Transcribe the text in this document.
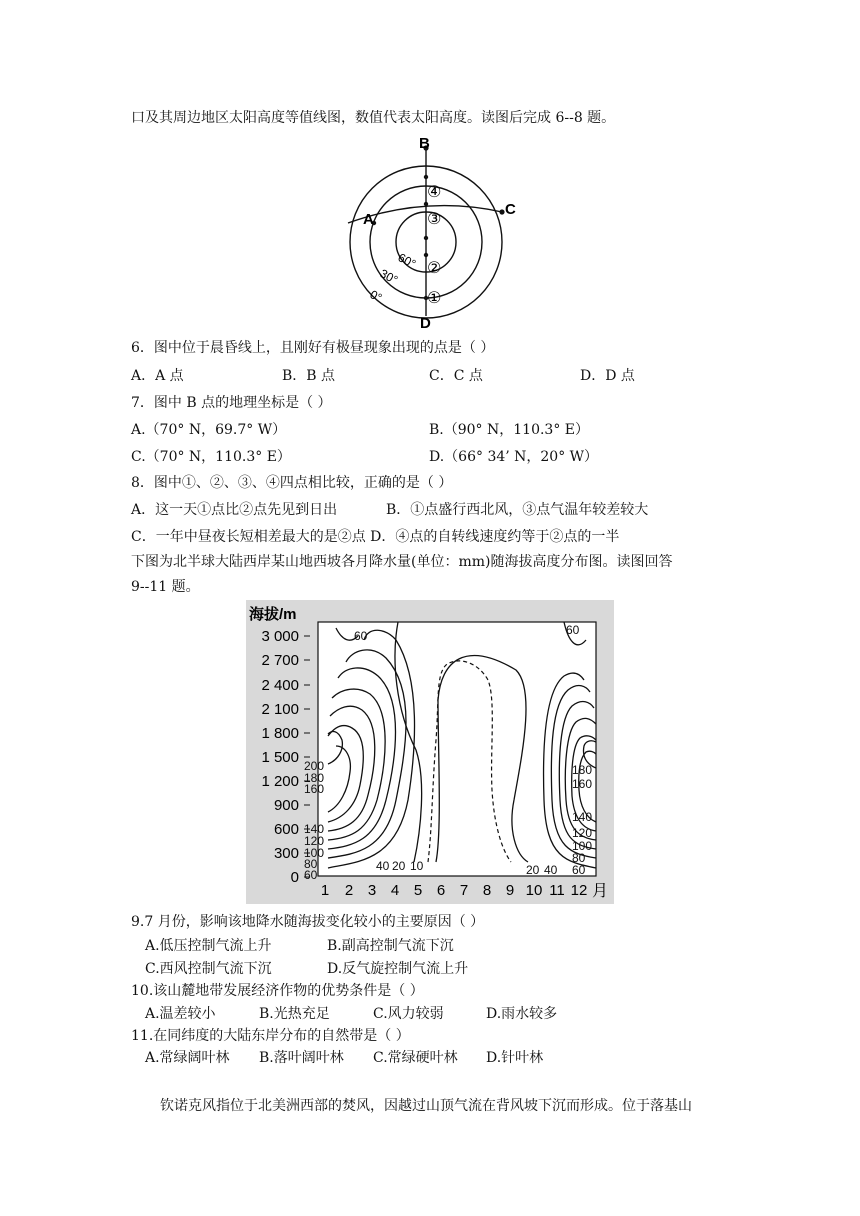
口及其周边地区太阳高度等值线图，数值代表太阳高度。读图后完成 6--8 题。
B
C
A
D
④
③
②
①
60°
30°
0°
6．图中位于晨昏线上，且刚好有极昼现象出现的点是（ ）
A．A 点	B．B 点	C．C 点	D．D 点
7．图中 B 点的地理坐标是（ ）
A.（70° N，69.7° W）	B.（90° N，110.3° E）
C.（70° N，110.3° E）	D.（66° 34’ N，20° W）
8．图中①、②、③、④四点相比较，正确的是（ ）
A．这一天①点比②点先见到日出	B．①点盛行西北风，③点气温年较差较大
C．一年中昼夜长短相差最大的是②点 D．④点的自转线速度约等于②点的一半
下图为北半球大陆西岸某山地西坡各月降水量(单位：mm)随海拔高度分布图。读图回答
9--11 题。
海拔/m
月
3 000
2 700
2 400
2 100
1 800
1 500
1 200
900
600
300
0
1 2 3 4 5 6 7 8 9 10 11 12
200
180
160
140
120
100
80
60
180
160
140
120
100
80
60
60	60
40 20 10	20 40
9.7 月份，影响该地降水随海拔变化较小的主要原因（ ）
A.低压控制气流上升	B.副高控制气流下沉
C.西风控制气流下沉	D.反气旋控制气流上升
10.该山麓地带发展经济作物的优势条件是（ ）
A.温差较小	B.光热充足	C.风力较弱	D.雨水较多
11.在同纬度的大陆东岸分布的自然带是（ ）
A.常绿阔叶林 B.落叶阔叶林 C.常绿硬叶林 D.针叶林
钦诺克风指位于北美洲西部的焚风，因越过山顶气流在背风坡下沉而形成。位于落基山
